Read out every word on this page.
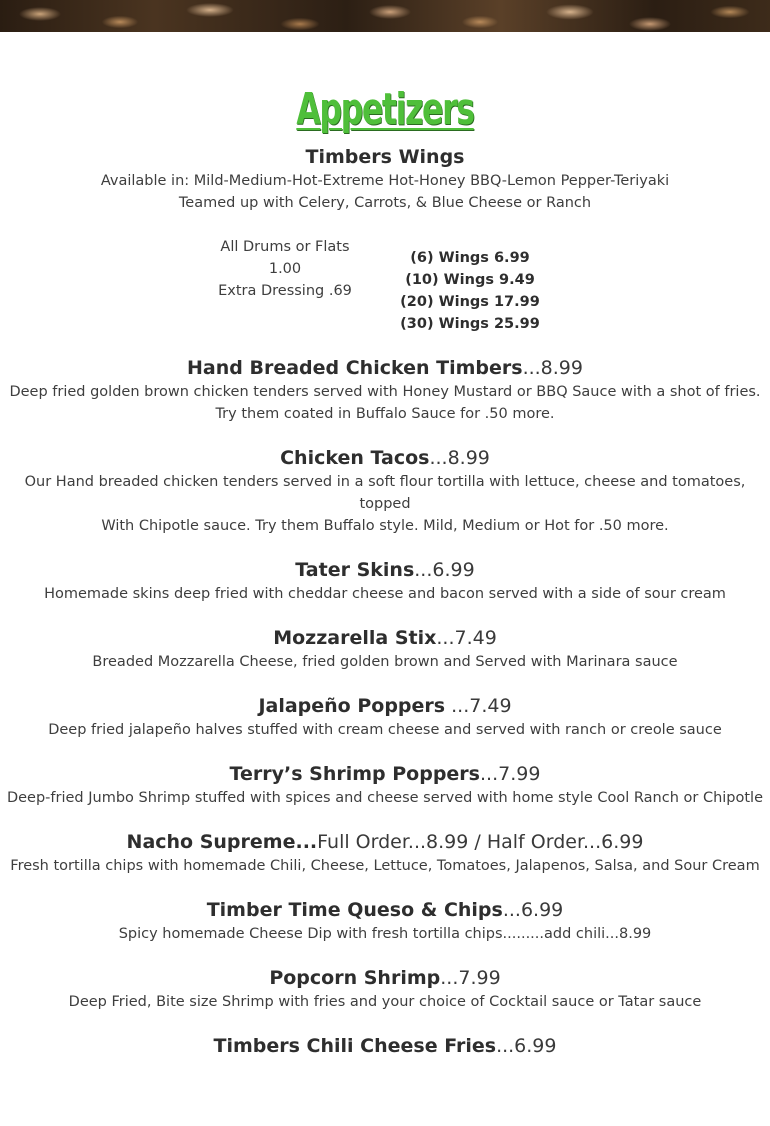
Appetizers
Timbers Wings
Available in: Mild-Medium-Hot-Extreme Hot-Honey BBQ-Lemon Pepper-Teriyaki
Teamed up with Celery, Carrots, & Blue Cheese or Ranch
All Drums or Flats
1.00
Extra Dressing .69
(6) Wings 6.99
(10) Wings 9.49
(20) Wings 17.99
(30) Wings 25.99
Hand Breaded Chicken Timbers...8.99
Deep fried golden brown chicken tenders served with Honey Mustard or BBQ Sauce with a shot of fries.
Try them coated in Buffalo Sauce for .50 more.
Chicken Tacos...8.99
Our Hand breaded chicken tenders served in a soft flour tortilla with lettuce, cheese and tomatoes, topped
With Chipotle sauce. Try them Buffalo style. Mild, Medium or Hot for .50 more.
Tater Skins...6.99
Homemade skins deep fried with cheddar cheese and bacon served with a side of sour cream
Mozzarella Stix...7.49
Breaded Mozzarella Cheese, fried golden brown and Served with Marinara sauce
Jalapeño Poppers ...7.49
Deep fried jalapeño halves stuffed with cream cheese and served with ranch or creole sauce
Terry’s Shrimp Poppers...7.99
Deep-fried Jumbo Shrimp stuffed with spices and cheese served with home style Cool Ranch or Chipotle
Nacho Supreme...Full Order...8.99 / Half Order...6.99
Fresh tortilla chips with homemade Chili, Cheese, Lettuce, Tomatoes, Jalapenos, Salsa, and Sour Cream
Timber Time Queso & Chips...6.99
Spicy homemade Cheese Dip with fresh tortilla chips.........add chili...8.99
Popcorn Shrimp...7.99
Deep Fried, Bite size Shrimp with fries and your choice of Cocktail sauce or Tatar sauce
Timbers Chili Cheese Fries...6.99
